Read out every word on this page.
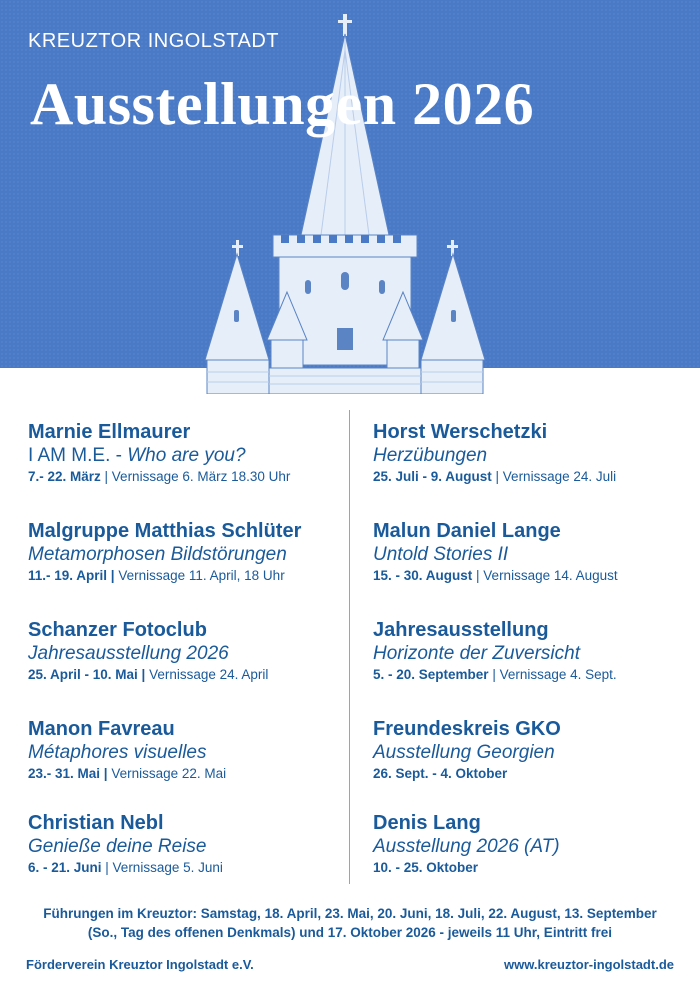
KREUZTOR INGOLSTADT
Ausstellungen 2026
Marnie Ellmaurer
I AM M.E. - Who are you?
7.- 22. März | Vernissage 6. März 18.30 Uhr
Malgruppe Matthias Schlüter
Metamorphosen Bildstörungen
11.- 19. April | Vernissage 11. April, 18 Uhr
Schanzer Fotoclub
Jahresausstellung 2026
25. April - 10. Mai | Vernissage 24. April
Manon Favreau
Métaphores visuelles
23.- 31. Mai | Vernissage 22. Mai
Christian Nebl
Genieße deine Reise
6. - 21. Juni | Vernissage 5. Juni
Horst Werschetzki
Herzübungen
25. Juli - 9. August | Vernissage 24. Juli
Malun Daniel Lange
Untold Stories II
15. - 30. August | Vernissage 14. August
Jahresausstellung
Horizonte der Zuversicht
5. - 20. September | Vernissage 4. Sept.
Freundeskreis GKO
Ausstellung Georgien
26. Sept. - 4. Oktober
Denis Lang
Ausstellung 2026 (AT)
10. - 25. Oktober
Führungen im Kreuztor: Samstag, 18. April, 23. Mai, 20. Juni, 18. Juli, 22. August, 13. September
(So., Tag des offenen Denkmals) und 17. Oktober 2026 - jeweils 11 Uhr, Eintritt frei
Förderverein Kreuztor Ingolstadt e.V.	www.kreuztor-ingolstadt.de
